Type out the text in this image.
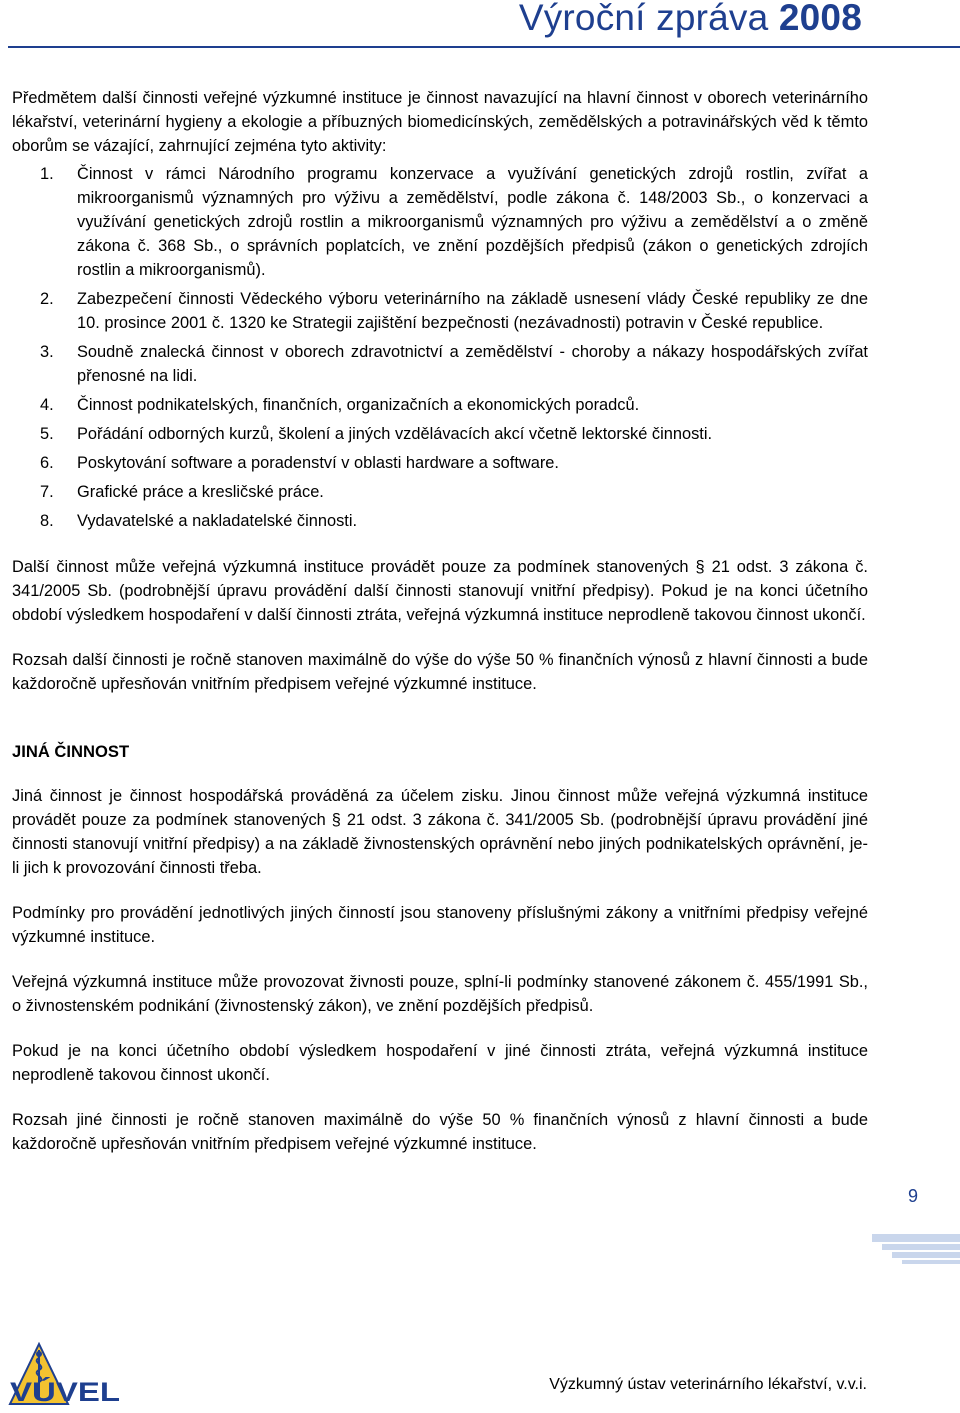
Výroční zpráva 2008

Předmětem další činnosti veřejné výzkumné instituce je činnost navazující na hlavní činnost v oborech veterinárního lékařství, veterinární hygieny a ekologie a příbuzných biomedicínských, zemědělských a potravinářských věd k těmto oborům se vázající, zahrnující zejména tyto aktivity:

1. Činnost v rámci Národního programu konzervace a využívání genetických zdrojů rostlin, zvířat a mikroorganismů významných pro výživu a zemědělství, podle zákona č. 148/2003 Sb., o konzervaci a využívání genetických zdrojů rostlin a mikroorganismů významných pro výživu a zemědělství a o změně zákona č. 368 Sb., o správních poplatcích, ve znění pozdějších předpisů (zákon o genetických zdrojích rostlin a mikroorganismů).
2. Zabezpečení činnosti Vědeckého výboru veterinárního na základě usnesení vlády České republiky ze dne 10. prosince 2001 č. 1320 ke Strategii zajištění bezpečnosti (nezávadnosti) potravin v České republice.
3. Soudně znalecká činnost v oborech zdravotnictví a zemědělství - choroby a nákazy hospodářských zvířat přenosné na lidi.
4. Činnost podnikatelských, finančních, organizačních a ekonomických poradců.
5. Pořádání odborných kurzů, školení a jiných vzdělávacích akcí včetně lektorské činnosti.
6. Poskytování software a poradenství v oblasti hardware a software.
7. Grafické práce a kresličské práce.
8. Vydavatelské a nakladatelské činnosti.

Další činnost může veřejná výzkumná instituce provádět pouze za podmínek stanovených § 21 odst. 3 zákona č. 341/2005 Sb. (podrobnější úpravu provádění další činnosti stanovují vnitřní předpisy). Pokud je na konci účetního období výsledkem hospodaření v další činnosti ztráta, veřejná výzkumná instituce neprodleně takovou činnost ukončí.

Rozsah další činnosti je ročně stanoven maximálně do výše do výše 50 % finančních výnosů z hlavní činnosti a bude každoročně upřesňován vnitřním předpisem veřejné výzkumné instituce.

JINÁ ČINNOST

Jiná činnost je činnost hospodářská prováděná za účelem zisku. Jinou činnost může veřejná výzkumná instituce provádět pouze za podmínek stanovených § 21 odst. 3 zákona č. 341/2005 Sb. (podrobnější úpravu provádění jiné činnosti stanovují vnitřní předpisy) a na základě živnostenských oprávnění nebo jiných podnikatelských oprávnění, je-li jich k provozování činnosti třeba.

Podmínky pro provádění jednotlivých jiných činností jsou stanoveny příslušnými zákony a vnitřními předpisy veřejné výzkumné instituce.

Veřejná výzkumná instituce může provozovat živnosti pouze, splní-li podmínky stanovené zákonem č. 455/1991 Sb., o živnostenském podnikání (živnostenský zákon), ve znění pozdějších předpisů.

Pokud je na konci účetního období výsledkem hospodaření v jiné činnosti ztráta, veřejná výzkumná instituce neprodleně takovou činnost ukončí.

Rozsah jiné činnosti je ročně stanoven maximálně do výše 50 % finančních výnosů z hlavní činnosti a bude každoročně upřesňován vnitřním předpisem veřejné výzkumné instituce.

9
VÚVEL	Výzkumný ústav veterinárního lékařství, v.v.i.
